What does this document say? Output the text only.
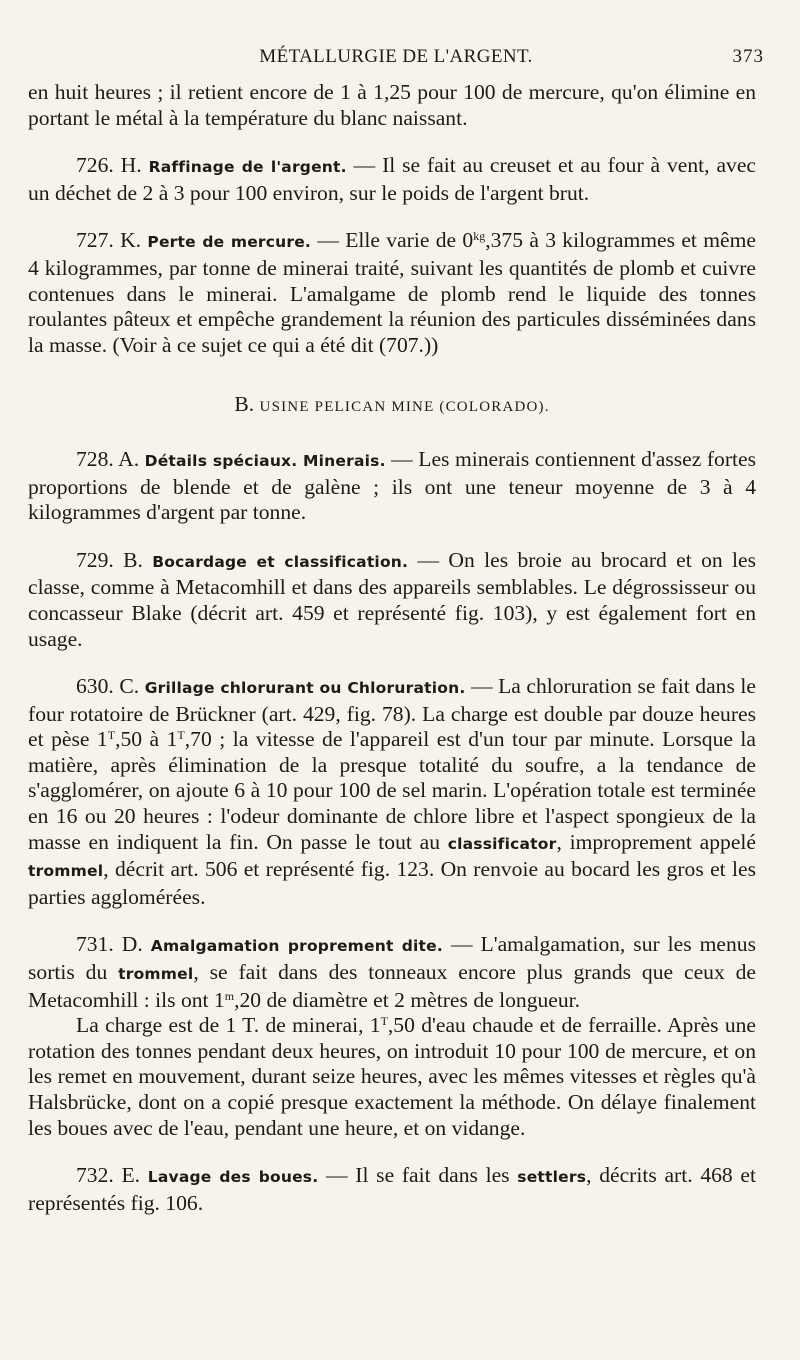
MÉTALLURGIE DE L'ARGENT.	373

en huit heures ; il retient encore de 1 à 1,25 pour 100 de mercure, qu'on élimine en portant le métal à la température du blanc naissant.

726. H. Raffinage de l'argent. — Il se fait au creuset et au four à vent, avec un déchet de 2 à 3 pour 100 environ, sur le poids de l'argent brut.

727. K. Perte de mercure. — Elle varie de $0^{kg},375$ à 3 kilogrammes et même 4 kilogrammes, par tonne de minerai traité, suivant les quantités de plomb et cuivre contenues dans le minerai. L'amalgame de plomb rend le liquide des tonnes roulantes pâteux et empêche grandement la réunion des particules disséminées dans la masse. (Voir à ce sujet ce qui a été dit (707.))

B. USINE PELICAN MINE (COLORADO).

728. A. Détails spéciaux. Minerais. — Les minerais contiennent d'assez fortes proportions de blende et de galène ; ils ont une teneur moyenne de 3 à 4 kilogrammes d'argent par tonne.

729. B. Bocardage et classification. — On les broie au brocard et on les classe, comme à Metacomhill et dans des appareils semblables. Le dégrossisseur ou concasseur Blake (décrit art. 459 et représenté fig. 103), y est également fort en usage.

630. C. Grillage chlorurant ou Chloruration. — La chloruration se fait dans le four rotatoire de Brückner (art. 429, fig. 78). La charge est double par douze heures et pèse $1^T,50$ à $1^T,70$ ; la vitesse de l'appareil est d'un tour par minute. Lorsque la matière, après élimination de la presque totalité du soufre, a la tendance de s'agglomérer, on ajoute 6 à 10 pour 100 de sel marin. L'opération totale est terminée en 16 ou 20 heures : l'odeur dominante de chlore libre et l'aspect spongieux de la masse en indiquent la fin. On passe le tout au classificator, improprement appelé trommel, décrit art. 506 et représenté fig. 123. On renvoie au bocard les gros et les parties agglomérées.

731. D. Amalgamation proprement dite. — L'amalgamation, sur les menus sortis du trommel, se fait dans des tonneaux encore plus grands que ceux de Metacomhill : ils ont 1$^m$,20 de diamètre et 2 mètres de longueur.

La charge est de 1 T. de minerai, $1^T,50$ d'eau chaude et de ferraille. Après une rotation des tonnes pendant deux heures, on introduit 10 pour 100 de mercure, et on les remet en mouvement, durant seize heures, avec les mêmes vitesses et règles qu'à Halsbrücke, dont on a copié presque exactement la méthode. On délaye finalement les boues avec de l'eau, pendant une heure, et on vidange.

732. E. Lavage des boues. — Il se fait dans les settlers, décrits art. 468 et représentés fig. 106.
